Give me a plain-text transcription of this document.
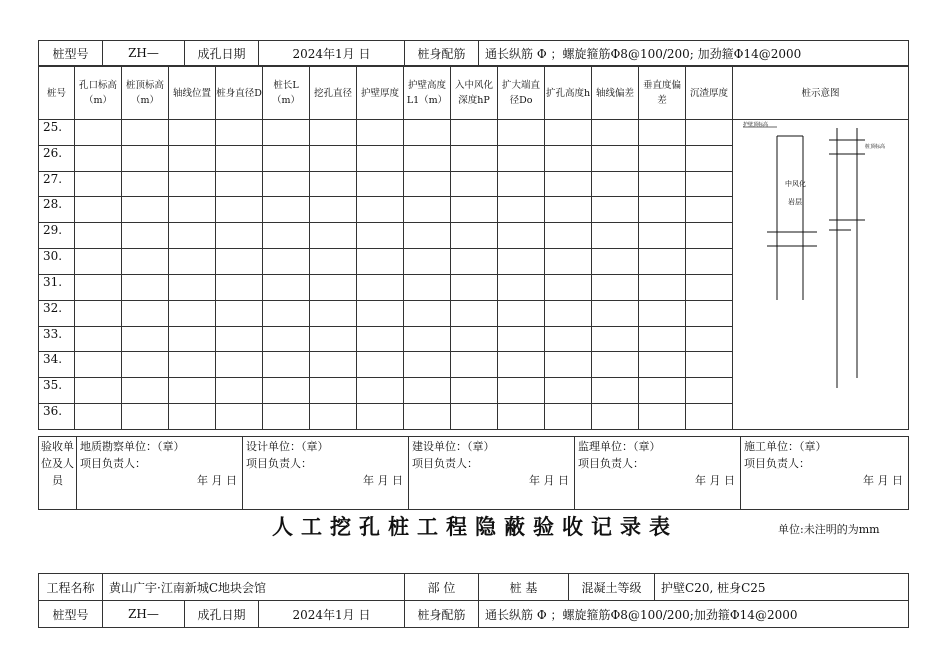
桩型号	ZH—	成孔日期	2024年1月 日	桩身配筋	通长纵筋 Φ ；螺旋箍筋Φ8@100/200; 加劲箍Φ14@2000
桩号	孔口标高（m）	桩顶标高（m）	轴线位置	桩身直径D	桩长L（m）	挖孔直径	护壁厚度	护壁高度L1（m）	入中风化深度hP	扩大端直径Do	扩孔高度h	轴线偏差	垂直度偏差	沉渣厚度	桩示意图
25.															护壁顶标高
中风化
岩层
桩顶标高

26.															
27.															
28.															
29.															
30.															
31.															
32.															
33.															
34.															
35.															
36.															
验收单位及人员	
地质勘察单位：（章）
项目负责人：
年 月 日

设计单位：（章）
项目负责人：
年 月 日

建设单位：（章）
项目负责人：
年 月 日

监理单位：（章）
项目负责人：
年 月 日

施工单位：（章）
项目负责人：
年 月 日
人工挖孔桩工程隐蔽验收记录表	单位:未注明的为mm
工程名称	黄山广宇·江南新城C地块会馆	部 位	桩 基	混凝土等级	护壁C20, 桩身C25
桩型号	ZH—	成孔日期	2024年1月 日	桩身配筋	通长纵筋 Φ ；螺旋箍筋Φ8@100/200;加劲箍Φ14@2000
